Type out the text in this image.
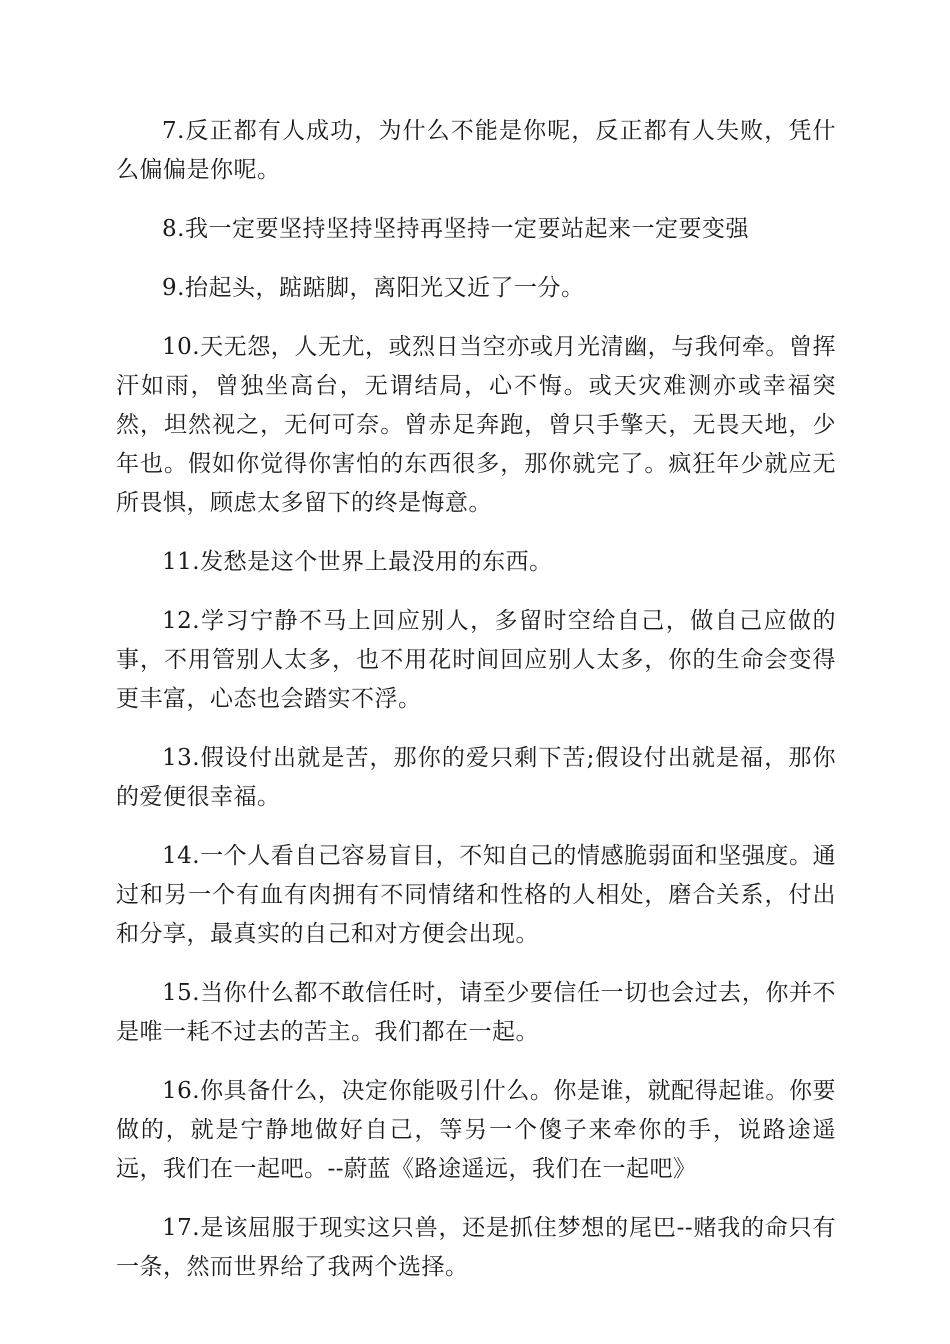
7.反正都有人成功，为什么不能是你呢，反正都有人失败，凭什么偏偏是你呢。

8.我一定要坚持坚持坚持再坚持一定要站起来一定要变强

9.抬起头，踮踮脚，离阳光又近了一分。

10.天无怨，人无尤，或烈日当空亦或月光清幽，与我何牵。曾挥汗如雨，曾独坐高台，无谓结局，心不悔。或天灾难测亦或幸福突然，坦然视之，无何可奈。曾赤足奔跑，曾只手擎天，无畏天地，少年也。假如你觉得你害怕的东西很多，那你就完了。疯狂年少就应无所畏惧，顾虑太多留下的终是悔意。

11.发愁是这个世界上最没用的东西。

12.学习宁静不马上回应别人，多留时空给自己，做自己应做的事，不用管别人太多，也不用花时间回应别人太多，你的生命会变得更丰富，心态也会踏实不浮。

13.假设付出就是苦，那你的爱只剩下苦;假设付出就是福，那你的爱便很幸福。

14.一个人看自己容易盲目，不知自己的情感脆弱面和坚强度。通过和另一个有血有肉拥有不同情绪和性格的人相处，磨合关系，付出和分享，最真实的自己和对方便会出现。

15.当你什么都不敢信任时，请至少要信任一切也会过去，你并不是唯一耗不过去的苦主。我们都在一起。

16.你具备什么，决定你能吸引什么。你是谁，就配得起谁。你要做的，就是宁静地做好自己，等另一个傻子来牵你的手，说路途遥远，我们在一起吧。--蔚蓝《路途遥远，我们在一起吧》

17.是该屈服于现实这只兽，还是抓住梦想的尾巴--赌我的命只有一条，然而世界给了我两个选择。
